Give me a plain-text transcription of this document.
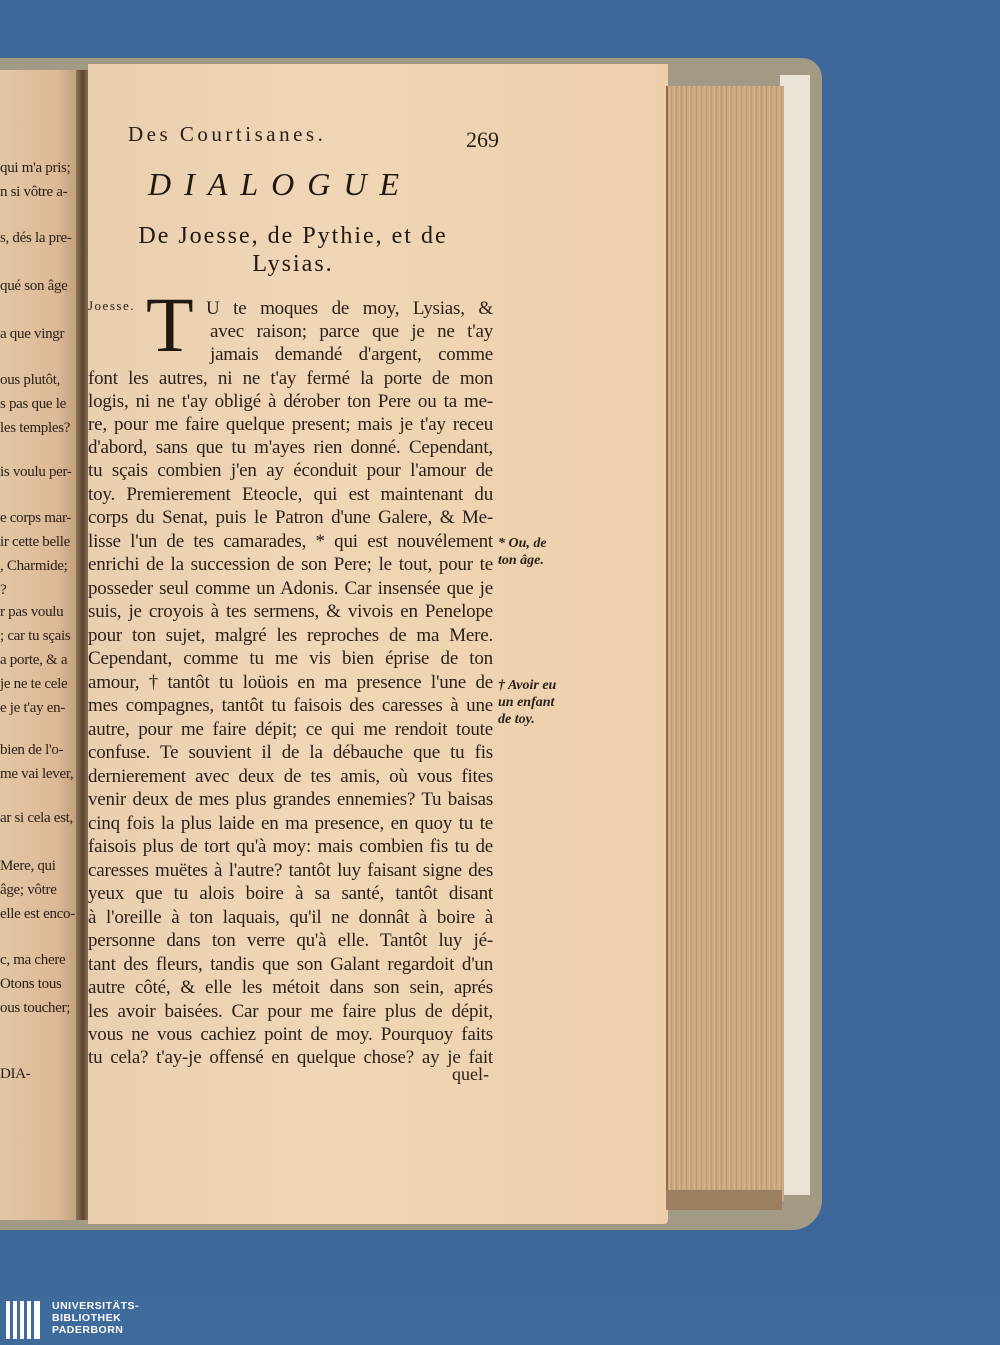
qui m'a pris;
n si vôtre a-
s, dés la pre-
qué son âge
a que vingr
ous plutôt,
s pas que le
les temples?
is voulu per-
e corps mar-
ir cette belle
, Charmide;
?
r pas voulu
; car tu sçais
a porte, & a
je ne te cele
e je t'ay en-
bien de l'o-
me vai lever,
ar si cela est,
Mere, qui
âge; vôtre
elle est enco-
c, ma chere
Otons tous
ous toucher;
DIA-
Des Courtisanes.	269
DIALOGUE
De Joesse, de Pythie, et de
Lysias.
Joesse. T U te moques de moy, Lysias, &
avec raison; parce que je ne t'ay
jamais demandé d'argent, comme
font les autres, ni ne t'ay fermé la porte de mon
logis, ni ne t'ay obligé à dérober ton Pere ou ta me-
re, pour me faire quelque present; mais je t'ay receu
d'abord, sans que tu m'ayes rien donné. Cependant,
tu sçais combien j'en ay éconduit pour l'amour de
toy. Premierement Eteocle, qui est maintenant du
corps du Senat, puis le Patron d'une Galere, & Me-
lisse l'un de tes camarades, * qui est nouvélement
enrichi de la succession de son Pere; le tout, pour te
posseder seul comme un Adonis. Car insensée que je
suis, je croyois à tes sermens, & vivois en Penelope
pour ton sujet, malgré les reproches de ma Mere.
Cependant, comme tu me vis bien éprise de ton
amour, † tantôt tu loüois en ma presence l'une de
mes compagnes, tantôt tu faisois des caresses à une
autre, pour me faire dépit; ce qui me rendoit toute
confuse. Te souvient il de la débauche que tu fis
dernierement avec deux de tes amis, où vous fites
venir deux de mes plus grandes ennemies? Tu baisas
cinq fois la plus laide en ma presence, en quoy tu te
faisois plus de tort qu'à moy: mais combien fis tu de
caresses muëtes à l'autre? tantôt luy faisant signe des
yeux que tu alois boire à sa santé, tantôt disant
à l'oreille à ton laquais, qu'il ne donnât à boire à
personne dans ton verre qu'à elle. Tantôt luy jé-
tant des fleurs, tandis que son Galant regardoit d'un
autre côté, & elle les métoit dans son sein, aprés
les avoir baisées. Car pour me faire plus de dépit,
vous ne vous cachiez point de moy. Pourquoy faits
tu cela? t'ay-je offensé en quelque chose? ay je fait
quel-
* Ou, de
ton âge.
† Avoir eu
un enfant
de toy.
UNIVERSITÄTS-
BIBLIOTHEK
PADERBORN
